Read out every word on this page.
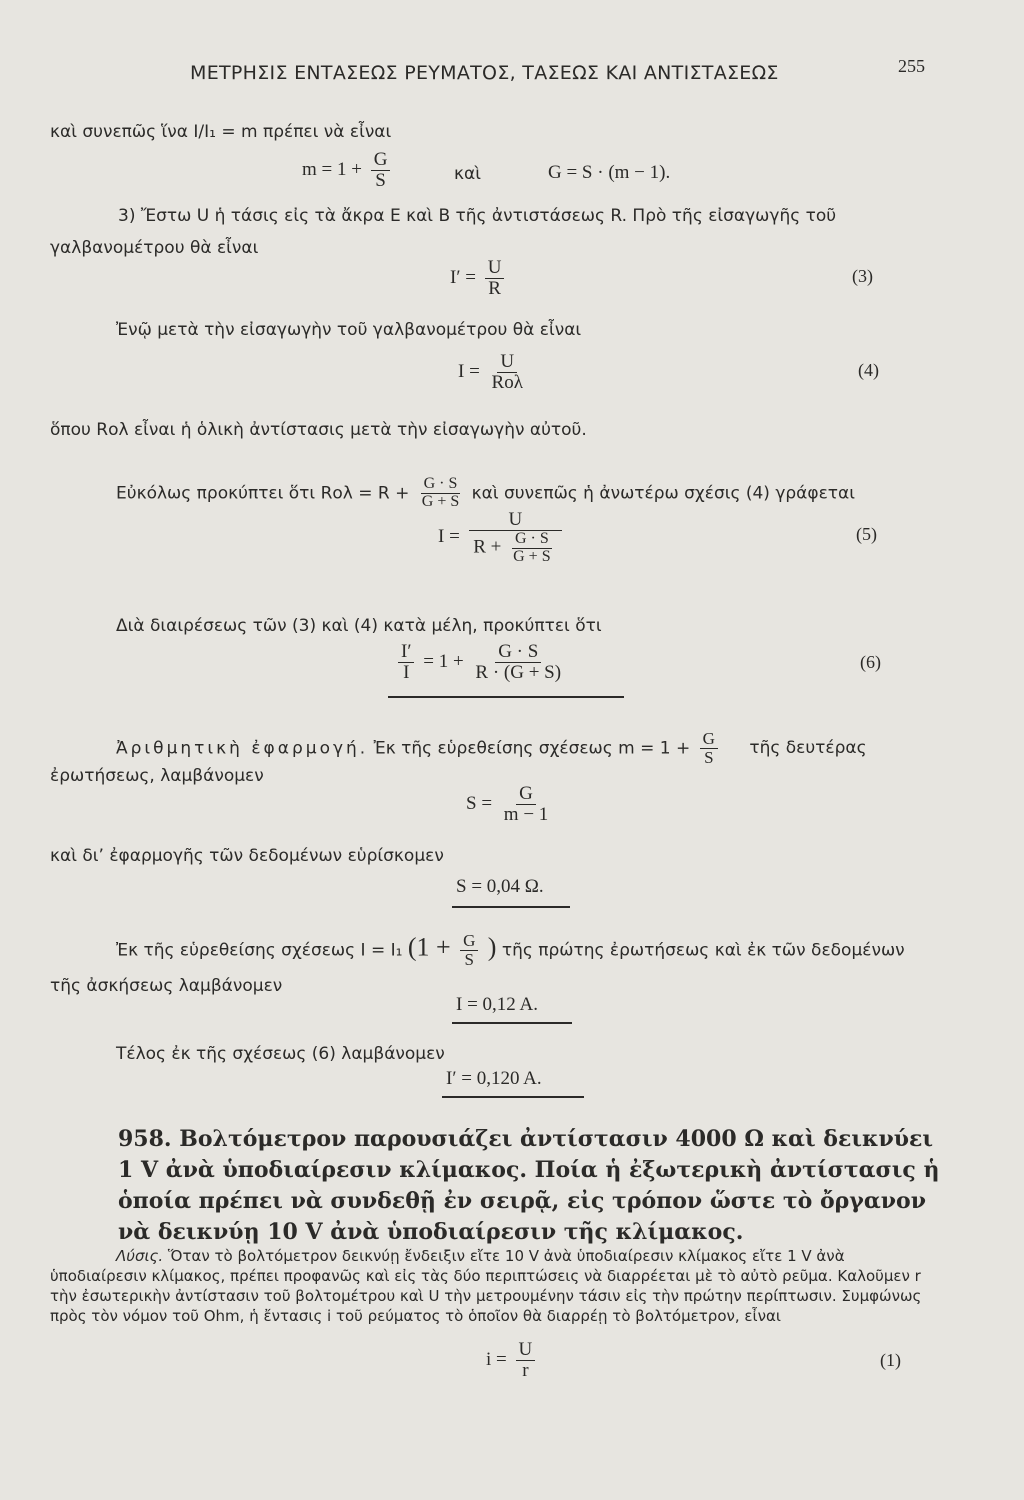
ΜΕΤΡΗΣΙΣ ΕΝΤΑΣΕΩΣ ΡΕΥΜΑΤΟΣ, ΤΑΣΕΩΣ ΚΑΙ ΑΝΤΙΣΤΑΣΕΩΣ	255
καὶ συνεπῶς ἵνα I/I₁ = m πρέπει νὰ εἶναι
$m = 1 + \frac{G}{S}$	καὶ	G = S · (m − 1).
3) Ἔστω U ἡ τάσις εἰς τὰ ἄκρα E καὶ B τῆς ἀντιστάσεως R. Πρὸ τῆς εἰσαγωγῆς τοῦ
γαλβανομέτρου θὰ εἶναι
$I' = \frac{U}{R}$	(3)
Ἐνῷ μετὰ τὴν εἰσαγωγὴν τοῦ γαλβανομέτρου θὰ εἶναι
$I = \frac{U}{\text{Rολ}}$	(4)
ὅπου Rολ εἶναι ἡ ὁλικὴ ἀντίστασις μετὰ τὴν εἰσαγωγὴν αὐτοῦ.
Εὐκόλως προκύπτει ὅτι $Ro\lambda = R + \frac{G \cdot S}{G + S}$ καὶ συνεπῶς ἡ ἀνωτέρω σχέσις (4) γράφεται
$I = \frac{U}{R + \frac{G \cdot S}{G + S}}$	(5)
Διὰ διαιρέσεως τῶν (3) καὶ (4) κατὰ μέλη, προκύπτει ὅτι
$\frac{I'}{I} = 1 + \frac{G \cdot S}{R \cdot (G + S)}$	(6)
Ἀριθμητικὴ ἐφαρμογή. Ἐκ τῆς εὑρεθείσης σχέσεως $m = 1 + \frac{G}{S}$ τῆς δευτέρας
ἐρωτήσεως, λαμβάνομεν
$S = \frac{G}{m - 1}$
καὶ δι’ ἐφαρμογῆς τῶν δεδομένων εὑρίσκομεν
S = 0,04 Ω.
Ἐκ τῆς εὑρεθείσης σχέσεως I = I₁ ($1 + \frac{G}{S}$ ) τῆς πρώτης ἐρωτήσεως καὶ ἐκ τῶν δεδομένων
τῆς ἀσκήσεως λαμβάνομεν
I = 0,12 A.
Τέλος ἐκ τῆς σχέσεως (6) λαμβάνομεν
I′ = 0,120 A.
958. Βολτόμετρον παρουσιάζει ἀντίστασιν 4000 Ω καὶ δεικνύει 1 V ἀνὰ ὑποδιαίρεσιν κλίμακος. Ποία ἡ ἐξωτερικὴ ἀντίστασις ἡ ὁποία πρέπει νὰ συνδεθῇ ἐν σειρᾷ, εἰς τρόπον ὥστε τὸ ὄργανον νὰ δεικνύῃ 10 V ἀνὰ ὑποδιαίρεσιν τῆς κλίμακος.
Λύσις. Ὅταν τὸ βολτόμετρον δεικνύῃ ἔνδειξιν εἴτε 10 V ἀνὰ ὑποδιαίρεσιν κλίμακος εἴτε 1 V ἀνὰ ὑποδιαίρεσιν κλίμακος, πρέπει προφανῶς καὶ εἰς τὰς δύο περιπτώσεις νὰ διαρρέεται μὲ τὸ αὐτὸ ρεῦμα. Καλοῦμεν r τὴν ἐσωτερικὴν ἀντίστασιν τοῦ βολτομέτρου καὶ U τὴν μετρουμένην τάσιν εἰς τὴν πρώτην περίπτωσιν. Συμφώνως πρὸς τὸν νόμον τοῦ Ohm, ἡ ἔντασις i τοῦ ρεύματος τὸ ὁποῖον θὰ διαρρέῃ τὸ βολτόμετρον, εἶναι
$i = \frac{U}{r}$	(1)
